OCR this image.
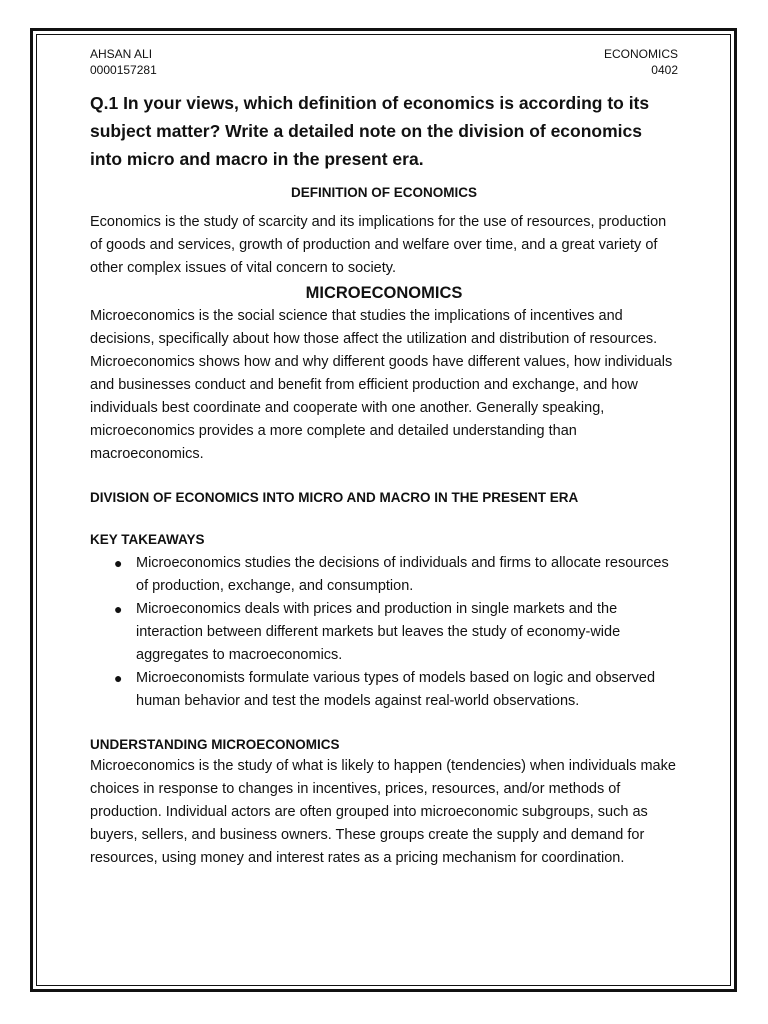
AHSAN ALI
0000157281
ECONOMICS
0402
Q.1 In your views, which definition of economics is according to its subject matter? Write a detailed note on the division of economics into micro and macro in the present era.
DEFINITION OF ECONOMICS

Economics is the study of scarcity and its implications for the use of resources, production of goods and services, growth of production and welfare over time, and a great variety of other complex issues of vital concern to society.

MICROECONOMICS

Microeconomics is the social science that studies the implications of incentives and decisions, specifically about how those affect the utilization and distribution of resources. Microeconomics shows how and why different goods have different values, how individuals and businesses conduct and benefit from efficient production and exchange, and how individuals best coordinate and cooperate with one another. Generally speaking, microeconomics provides a more complete and detailed understanding than macroeconomics.

DIVISION OF ECONOMICS INTO MICRO AND MACRO IN THE PRESENT ERA
KEY TAKEAWAYS
● Microeconomics studies the decisions of individuals and firms to allocate resources of production, exchange, and consumption.
● Microeconomics deals with prices and production in single markets and the interaction between different markets but leaves the study of economy-wide aggregates to macroeconomics.
● Microeconomists formulate various types of models based on logic and observed human behavior and test the models against real-world observations.
UNDERSTANDING MICROECONOMICS

Microeconomics is the study of what is likely to happen (tendencies) when individuals make choices in response to changes in incentives, prices, resources, and/or methods of production. Individual actors are often grouped into microeconomic subgroups, such as buyers, sellers, and business owners. These groups create the supply and demand for resources, using money and interest rates as a pricing mechanism for coordination.
